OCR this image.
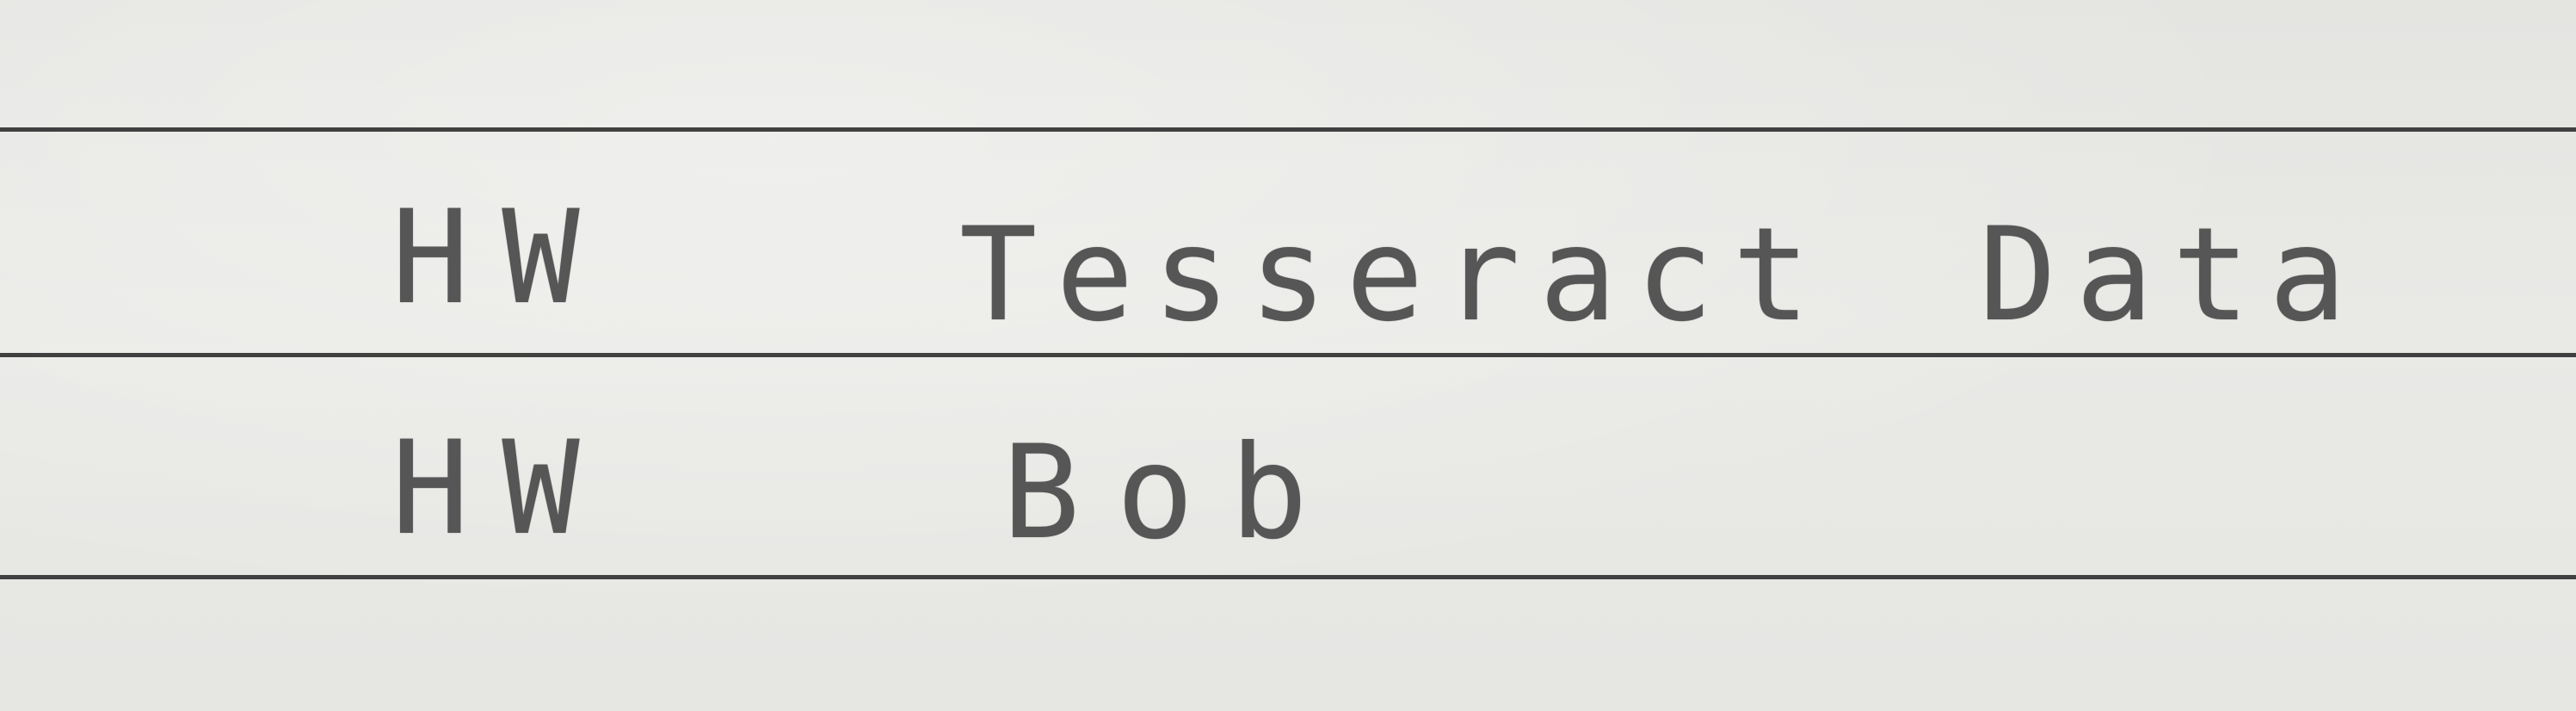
HW	Tesseract Data
HW	Bob
